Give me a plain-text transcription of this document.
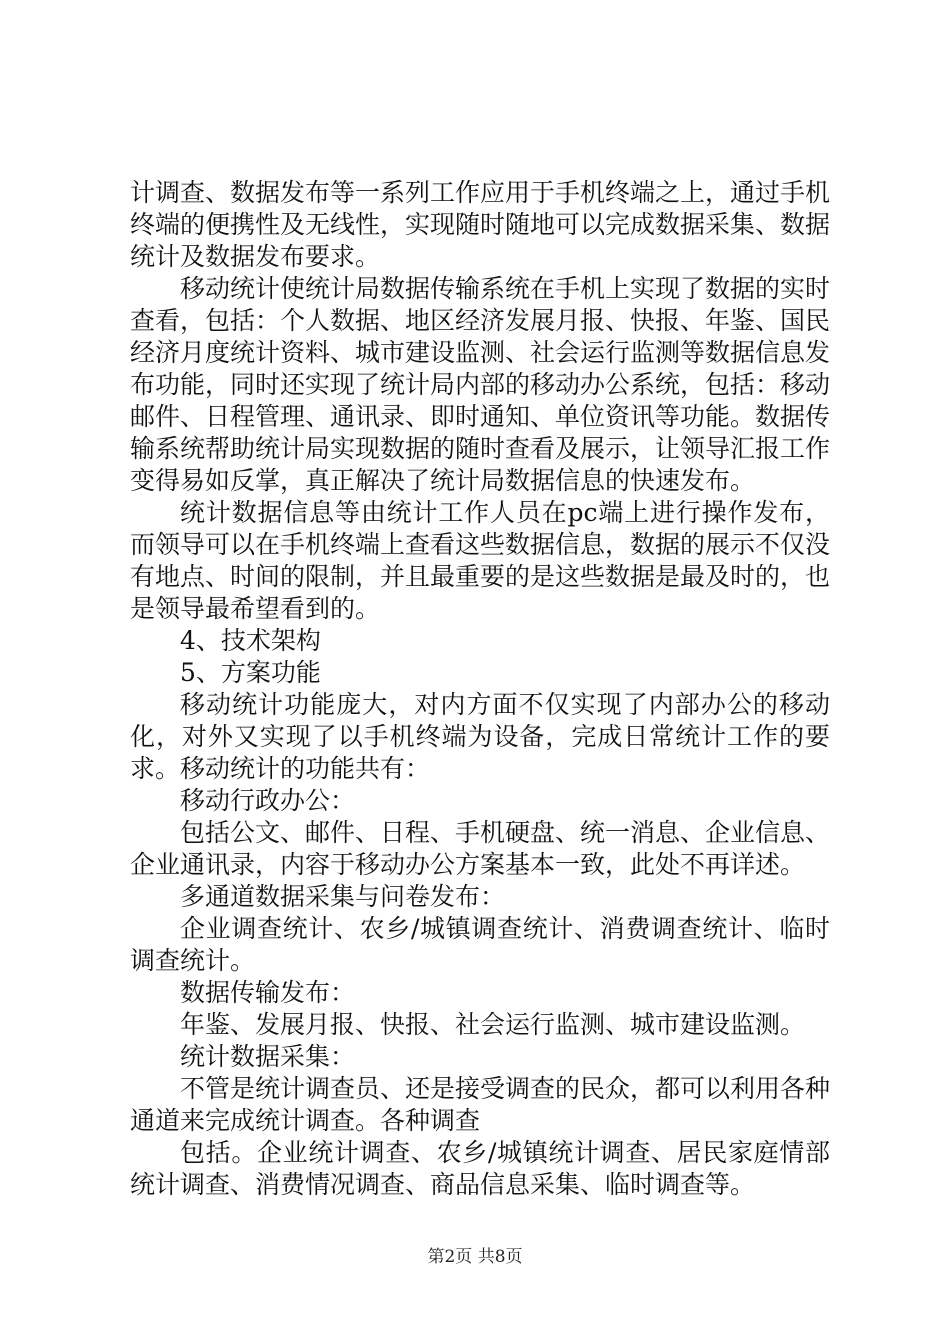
计调查、数据发布等一系列工作应用于手机终端之上，通过手机终端的便携性及无线性，实现随时随地可以完成数据采集、数据统计及数据发布要求。

移动统计使统计局数据传输系统在手机上实现了数据的实时查看，包括：个人数据、地区经济发展月报、快报、年鉴、国民经济月度统计资料、城市建设监测、社会运行监测等数据信息发布功能，同时还实现了统计局内部的移动办公系统，包括：移动邮件、日程管理、通讯录、即时通知、单位资讯等功能。数据传输系统帮助统计局实现数据的随时查看及展示，让领导汇报工作变得易如反掌，真正解决了统计局数据信息的快速发布。

统计数据信息等由统计工作人员在pc端上进行操作发布，而领导可以在手机终端上查看这些数据信息，数据的展示不仅没有地点、时间的限制，并且最重要的是这些数据是最及时的，也是领导最希望看到的。

4、技术架构

5、方案功能

移动统计功能庞大，对内方面不仅实现了内部办公的移动化，对外又实现了以手机终端为设备，完成日常统计工作的要求。移动统计的功能共有：

移动行政办公：

包括公文、邮件、日程、手机硬盘、统一消息、企业信息、企业通讯录，内容于移动办公方案基本一致，此处不再详述。

多通道数据采集与问卷发布：

企业调查统计、农乡/城镇调查统计、消费调查统计、临时调查统计。

数据传输发布：

年鉴、发展月报、快报、社会运行监测、城市建设监测。

统计数据采集：

不管是统计调查员、还是接受调查的民众，都可以利用各种通道来完成统计调查。各种调查

包括。企业统计调查、农乡/城镇统计调查、居民家庭情部统计调查、消费情况调查、商品信息采集、临时调查等。

第2页 共8页
